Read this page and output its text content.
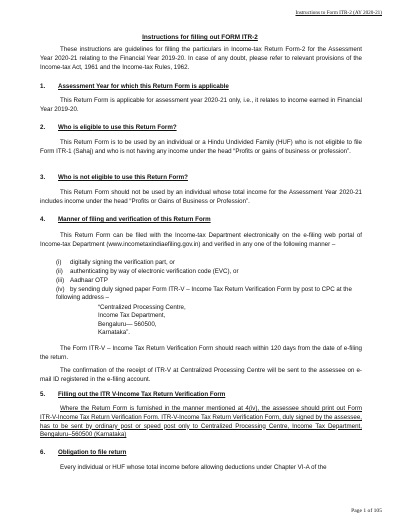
Instructions to Form ITR-2 (AY 2020-21)
Instructions for filling out FORM ITR-2
These instructions are guidelines for filling the particulars in Income-tax Return Form-2 for the Assessment Year 2020-21 relating to the Financial Year 2019-20. In case of any doubt, please refer to relevant provisions of the Income-tax Act, 1961 and the Income-tax Rules, 1962.
1. Assessment Year for which this Return Form is applicable
This Return Form is applicable for assessment year 2020-21 only, i.e., it relates to income earned in Financial Year 2019-20.
2. Who is eligible to use this Return Form?
This Return Form is to be used by an individual or a Hindu Undivided Family (HUF) who is not eligible to file Form ITR-1 (Sahaj) and who is not having any income under the head “Profits or gains of business or profession”.
3. Who is not eligible to use this Return Form?
This Return Form should not be used by an individual whose total income for the Assessment Year 2020-21 includes income under the head “Profits or Gains of Business or Profession”.
4. Manner of filing and verification of this Return Form
This Return Form can be filed with the Income-tax Department electronically on the e-filing web portal of Income-tax Department (www.incometaxindiaefiling.gov.in) and verified in any one of the following manner –
(i) digitally signing the verification part, or
(ii) authenticating by way of electronic verification code (EVC), or
(iii) Aadhaar OTP
(iv) by sending duly signed paper Form ITR-V – Income Tax Return Verification Form by post to CPC at the following address –
“Centralized Processing Centre,
Income Tax Department,
Bengaluru— 560500,
Karnataka”.
The Form ITR-V – Income Tax Return Verification Form should reach within 120 days from the date of e-filing the return.
The confirmation of the receipt of ITR-V at Centralized Processing Centre will be sent to the assessee on e-mail ID registered in the e-filing account.
5. Filling out the ITR V-Income Tax Return Verification Form
Where the Return Form is furnished in the manner mentioned at 4(iv), the assessee should print out Form ITR-V-Income Tax Return Verification Form. ITR-V-Income Tax Return Verification Form, duly signed by the assessee, has to be sent by ordinary post or speed post only to Centralized Processing Centre, Income Tax Department, Bengaluru–560500 (Karnataka)
6. Obligation to file return
Every individual or HUF whose total income before allowing deductions under Chapter VI-A of the
Page 1 of 105
